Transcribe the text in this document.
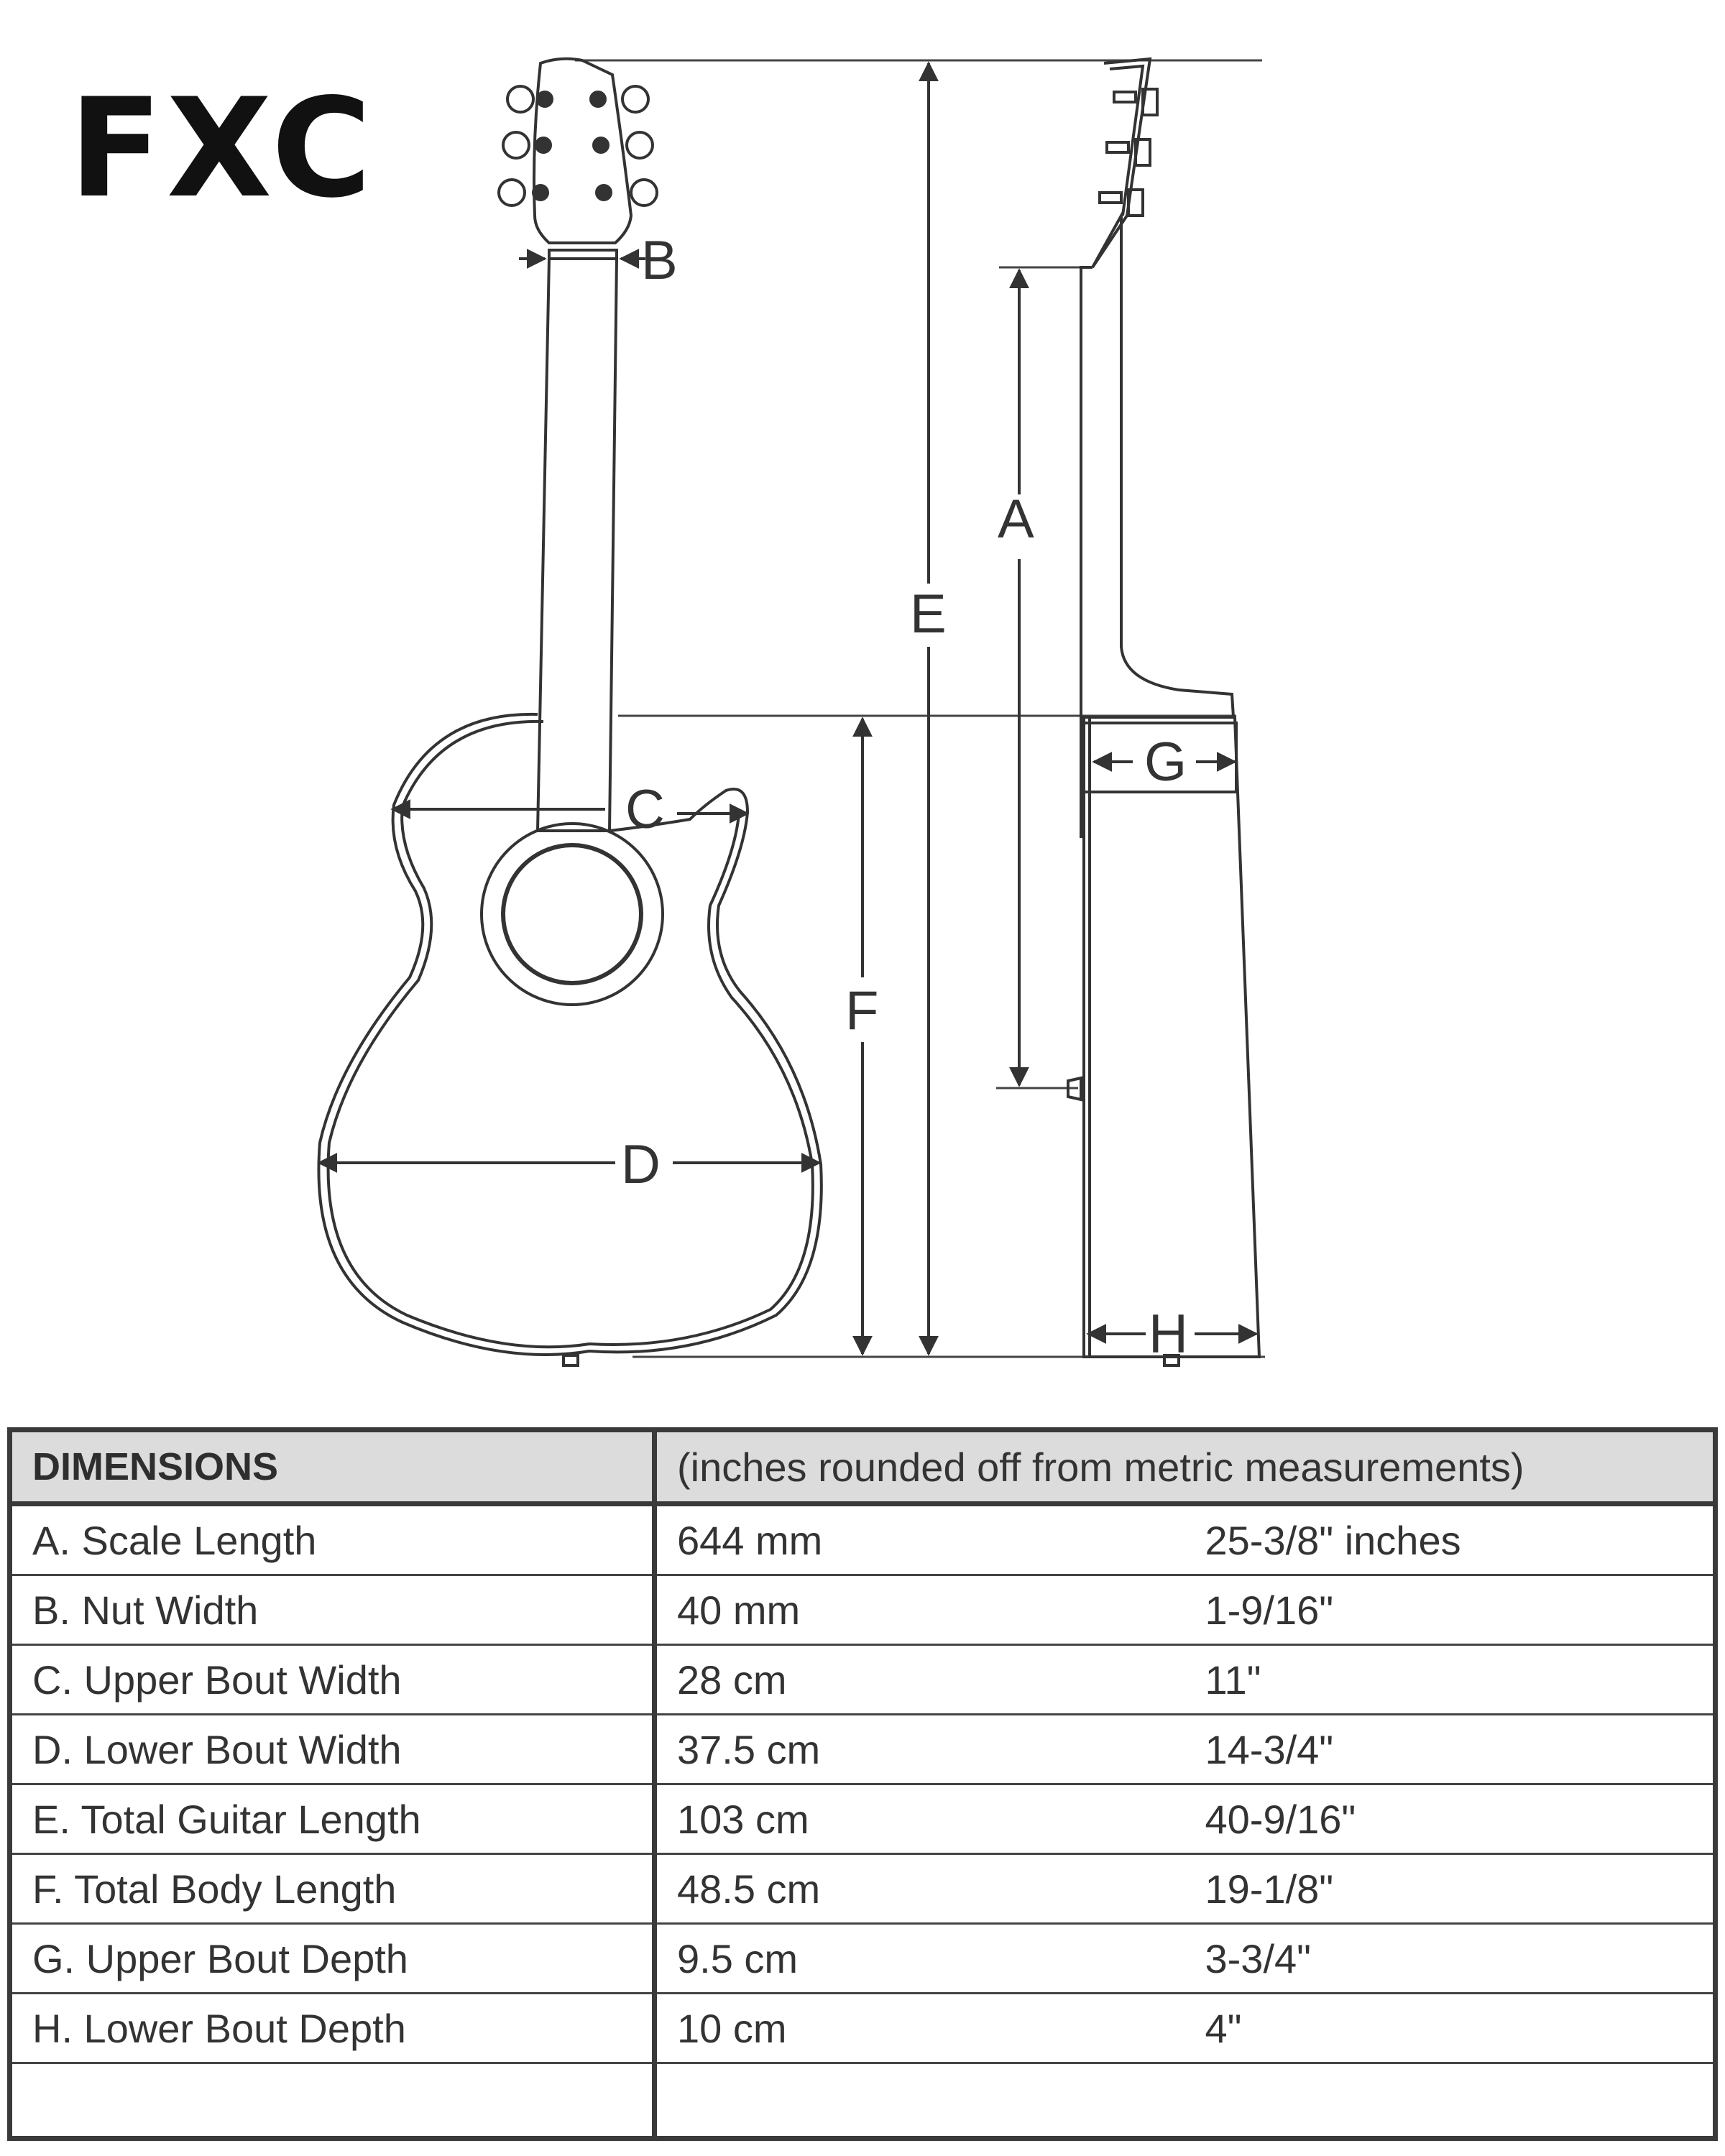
FXC
A
B
C
D
E
F
G
H
DIMENSIONS	(inches rounded off from metric measurements)	
A. Scale Length	644 mm	25-3/8" inches
B. Nut Width	40 mm	1-9/16"
C. Upper Bout Width	28 cm	11"
D. Lower Bout Width	37.5 cm	14-3/4"
E. Total Guitar Length	103 cm	40-9/16"
F. Total Body Length	48.5 cm	19-1/8"
G. Upper Bout Depth	9.5 cm	3-3/4"
H. Lower Bout Depth	10 cm	4"
